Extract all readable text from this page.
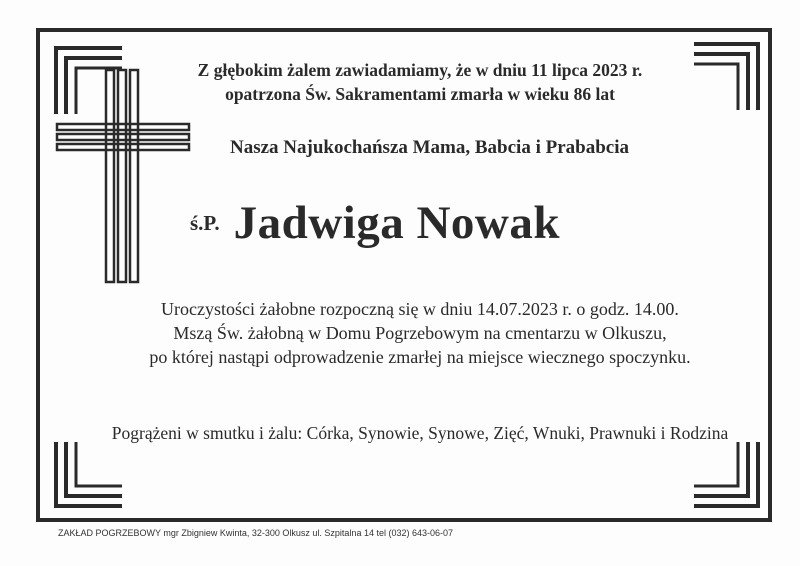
Z głębokim żalem zawiadamiamy, że w dniu 11 lipca 2023 r.
opatrzona Św. Sakramentami zmarła w wieku 86 lat
Nasza Najukochańsza Mama, Babcia i Prababcia
ś.P. Jadwiga Nowak
Uroczystości żałobne rozpoczną się w dniu 14.07.2023 r. o godz. 14.00.
Mszą Św. żałobną w Domu Pogrzebowym na cmentarzu w Olkuszu,
po której nastąpi odprowadzenie zmarłej na miejsce wiecznego spoczynku.
Pogrążeni w smutku i żalu: Córka, Synowie, Synowe, Zięć, Wnuki, Prawnuki i Rodzina
ZAKŁAD POGRZEBOWY mgr Zbigniew Kwinta, 32-300 Olkusz ul. Szpitalna 14 tel (032) 643-06-07
